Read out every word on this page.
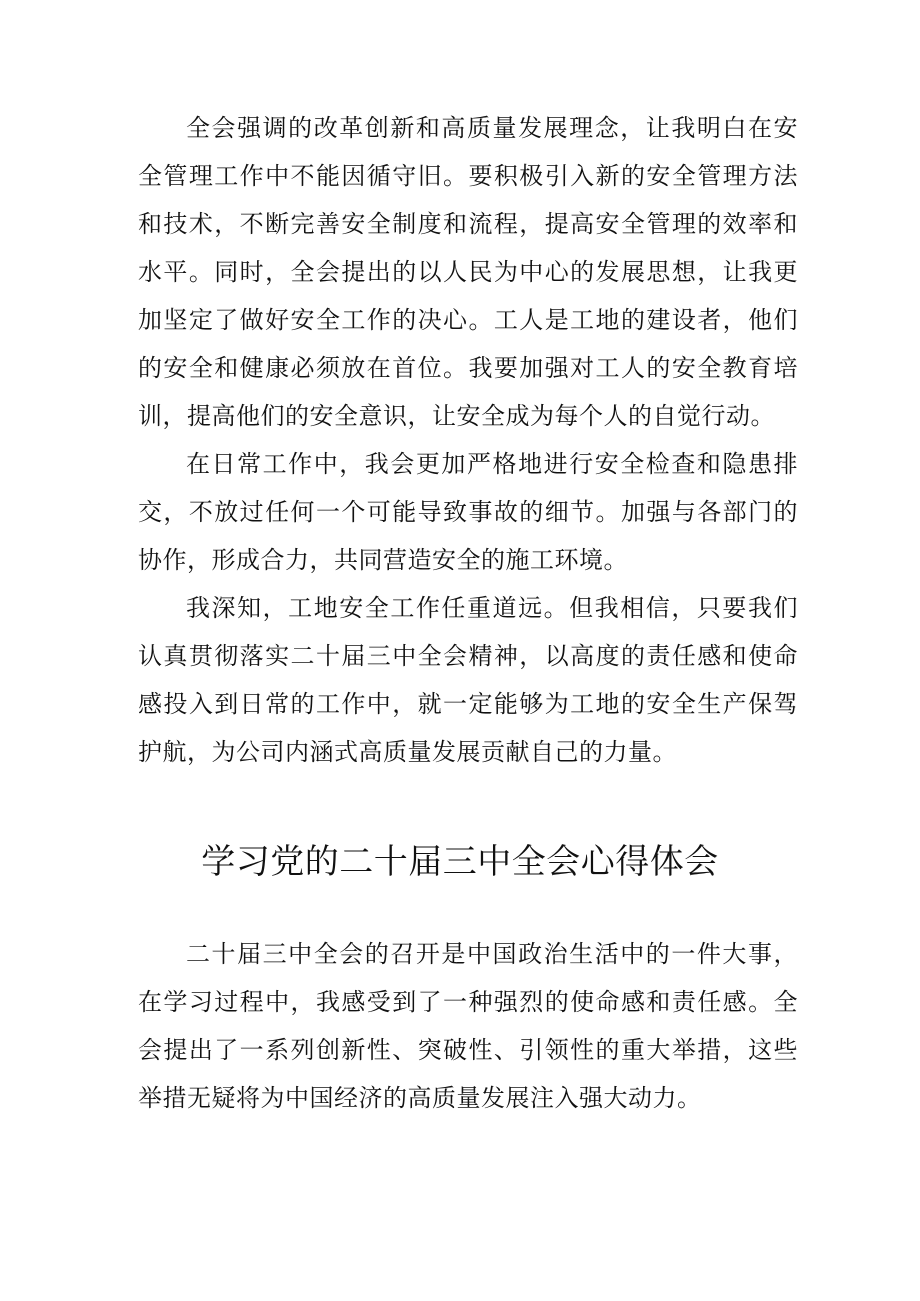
全会强调的改革创新和高质量发展理念，让我明白在安全管理工作中不能因循守旧。要积极引入新的安全管理方法和技术，不断完善安全制度和流程，提高安全管理的效率和水平。同时，全会提出的以人民为中心的发展思想，让我更加坚定了做好安全工作的决心。工人是工地的建设者，他们的安全和健康必须放在首位。我要加强对工人的安全教育培训，提高他们的安全意识，让安全成为每个人的自觉行动。

在日常工作中，我会更加严格地进行安全检查和隐患排交，不放过任何一个可能导致事故的细节。加强与各部门的协作，形成合力，共同营造安全的施工环境。

我深知，工地安全工作任重道远。但我相信，只要我们认真贯彻落实二十届三中全会精神，以高度的责任感和使命感投入到日常的工作中，就一定能够为工地的安全生产保驾护航，为公司内涵式高质量发展贡献自己的力量。

学习党的二十届三中全会心得体会

二十届三中全会的召开是中国政治生活中的一件大事，在学习过程中，我感受到了一种强烈的使命感和责任感。全会提出了一系列创新性、突破性、引领性的重大举措，这些举措无疑将为中国经济的高质量发展注入强大动力。
